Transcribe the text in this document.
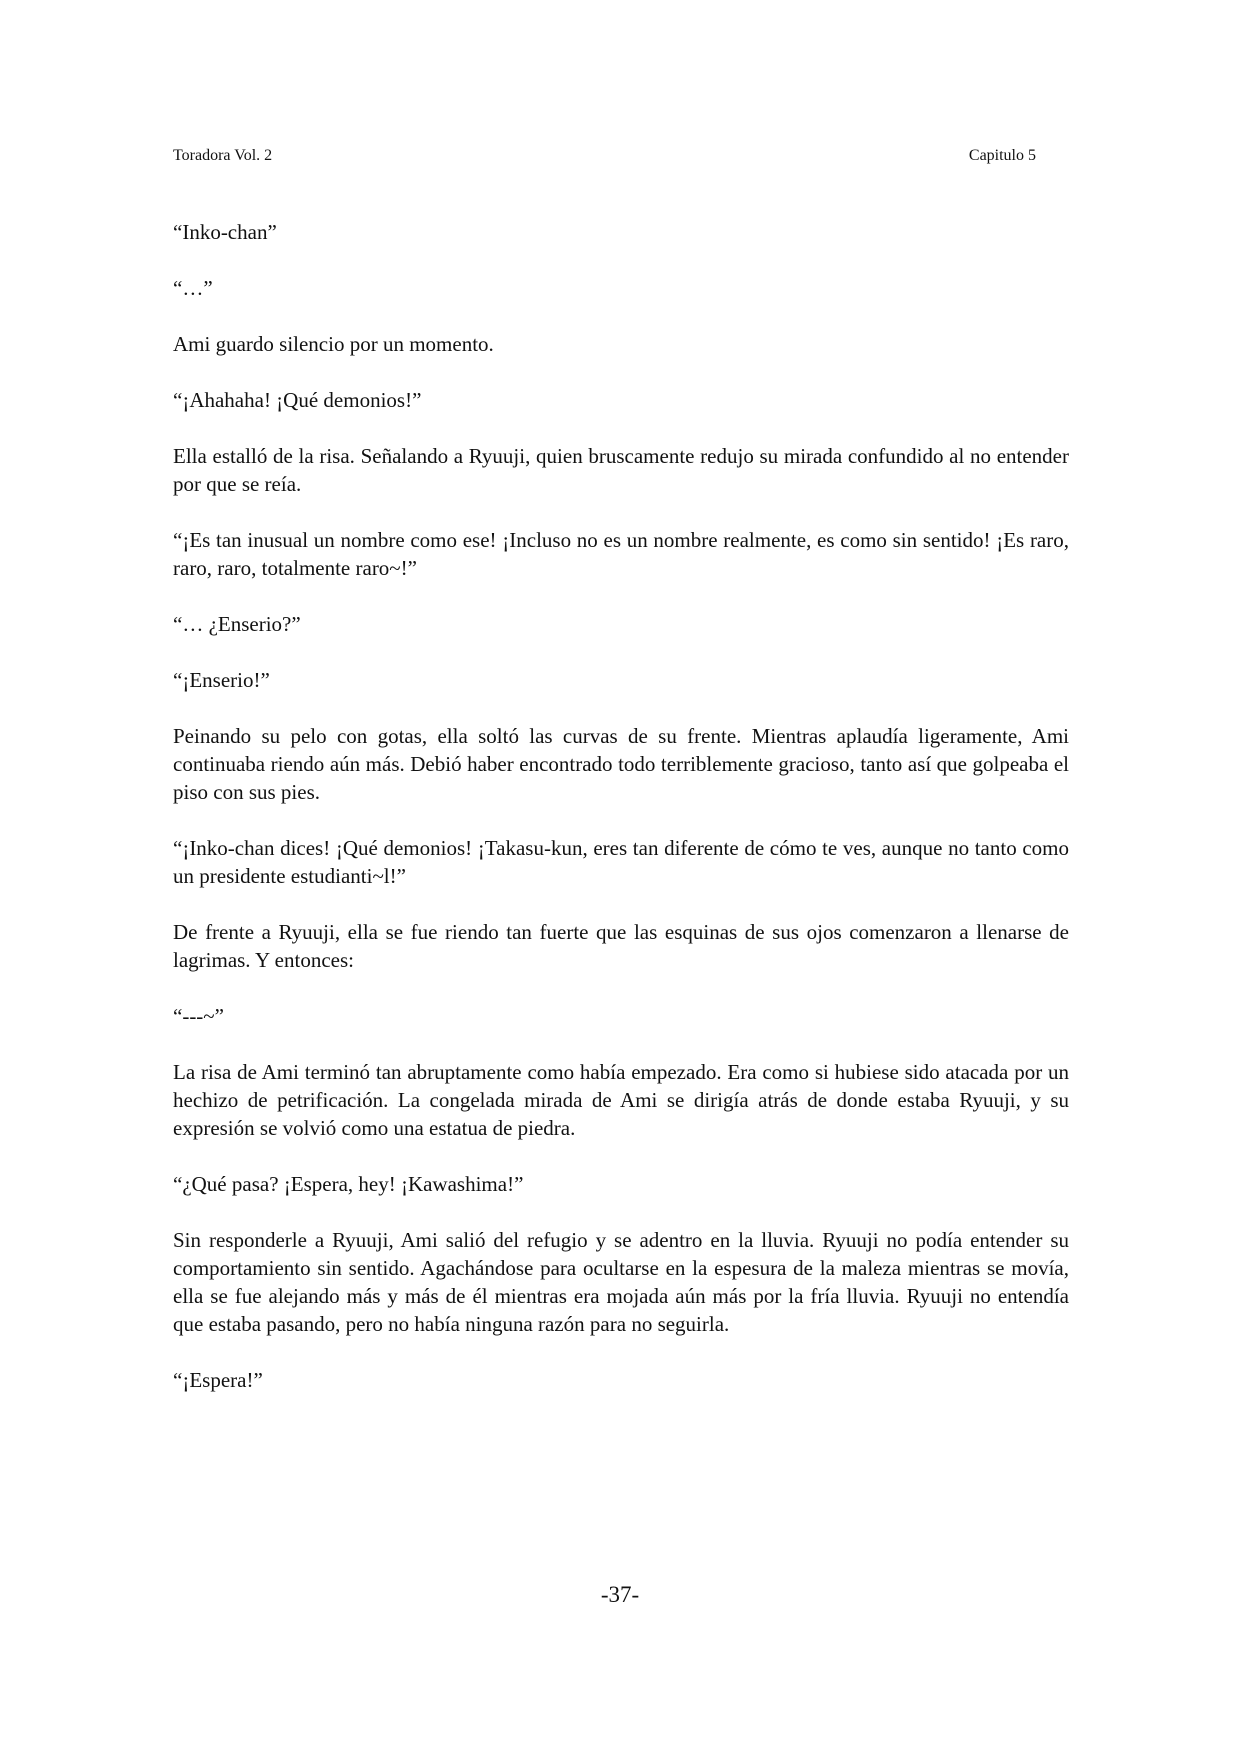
Toradora Vol. 2	Capitulo 5

“Inko-chan”

“…”

Ami guardo silencio por un momento.

“¡Ahahaha! ¡Qué demonios!”

Ella estalló de la risa. Señalando a Ryuuji, quien bruscamente redujo su mirada confundido al no entender por que se reía.

“¡Es tan inusual un nombre como ese! ¡Incluso no es un nombre realmente, es como sin sentido! ¡Es raro, raro, raro, totalmente raro~!”

“… ¿Enserio?”

“¡Enserio!”

Peinando su pelo con gotas, ella soltó las curvas de su frente. Mientras aplaudía ligeramente, Ami continuaba riendo aún más. Debió haber encontrado todo terriblemente gracioso, tanto así que golpeaba el piso con sus pies.

“¡Inko-chan dices! ¡Qué demonios! ¡Takasu-kun, eres tan diferente de cómo te ves, aunque no tanto como un presidente estudianti~l!”

De frente a Ryuuji, ella se fue riendo tan fuerte que las esquinas de sus ojos comenzaron a llenarse de lagrimas. Y entonces:

“---~”

La risa de Ami terminó tan abruptamente como había empezado. Era como si hubiese sido atacada por un hechizo de petrificación. La congelada mirada de Ami se dirigía atrás de donde estaba Ryuuji, y su expresión se volvió como una estatua de piedra.

“¿Qué pasa? ¡Espera, hey! ¡Kawashima!”

Sin responderle a Ryuuji, Ami salió del refugio y se adentro en la lluvia. Ryuuji no podía entender su comportamiento sin sentido. Agachándose para ocultarse en la espesura de la maleza mientras se movía, ella se fue alejando más y más de él mientras era mojada aún más por la fría lluvia. Ryuuji no entendía que estaba pasando, pero no había ninguna razón para no seguirla.

“¡Espera!”

-37-
